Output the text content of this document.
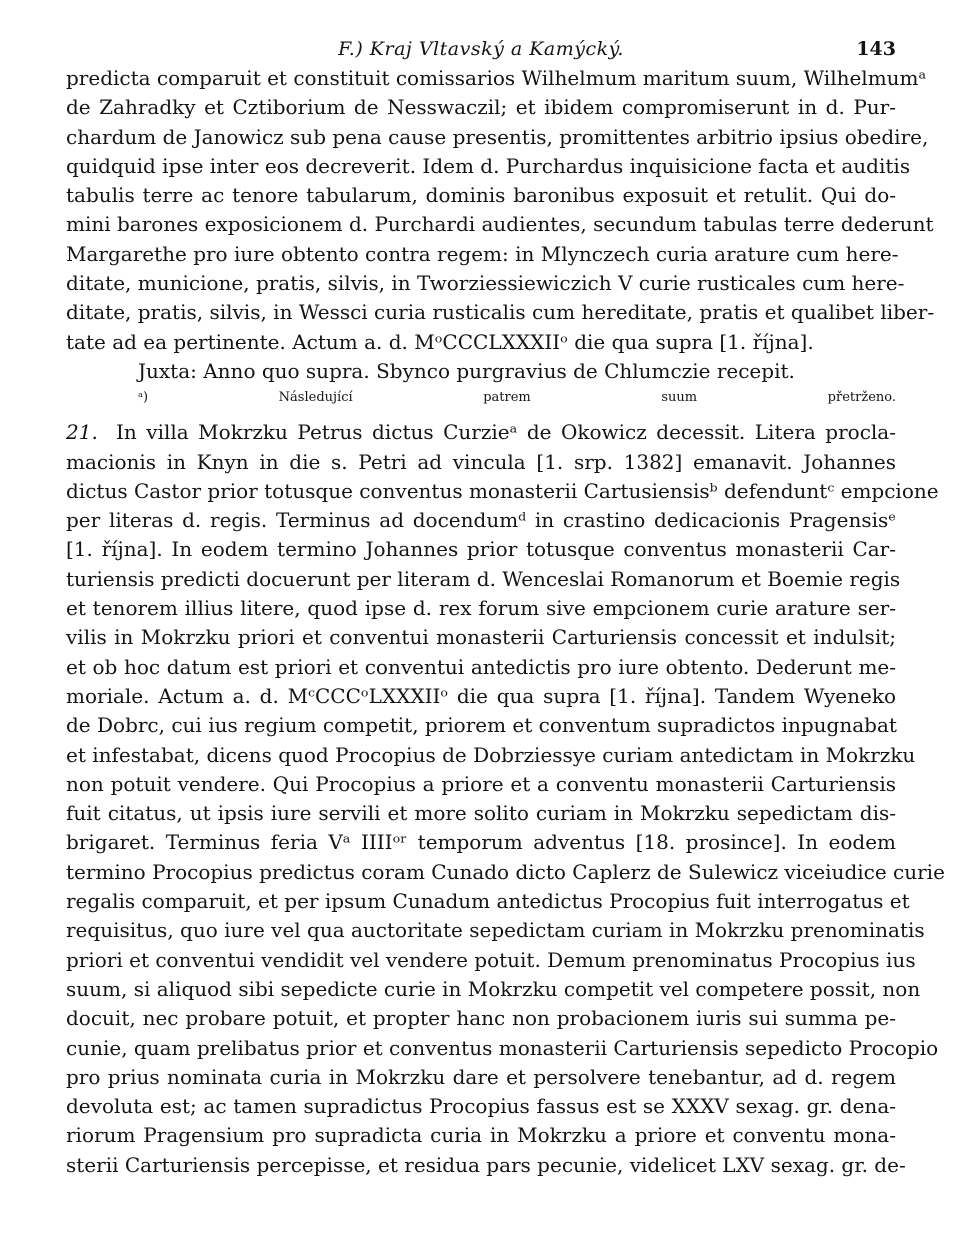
F.) Kraj Vltavský a Kamýcký.	143
predicta comparuit et constituit comissarios Wilhelmum maritum suum, Wilhelmumᵃ
de Zahradky et Cztiborium de Nesswaczil; et ibidem compromiserunt in d. Pur-
chardum de Janowicz sub pena cause presentis, promittentes arbitrio ipsius obedire,
quidquid ipse inter eos decreverit. Idem d. Purchardus inquisicione facta et auditis
tabulis terre ac tenore tabularum, dominis baronibus exposuit et retulit. Qui do-
mini barones exposicionem d. Purchardi audientes, secundum tabulas terre dederunt
Margarethe pro iure obtento contra regem: in Mlynczech curia arature cum here-
ditate, municione, pratis, silvis, in Tworziessiewiczich V curie rusticales cum here-
ditate, pratis, silvis, in Wessci curia rusticalis cum hereditate, pratis et qualibet liber-
tate ad ea pertinente. Actum a. d. MᵒCCCLXXXIIᵒ die qua supra [1. října].
Juxta: Anno quo supra. Sbynco purgravius de Chlumczie recepit.
ᵃ) Následující patrem suum přetrženo.
21. In villa Mokrzku Petrus dictus Curzieᵃ de Okowicz decessit. Litera procla-
macionis in Knyn in die s. Petri ad vincula [1. srp. 1382] emanavit. Johannes
dictus Castor prior totusque conventus monasterii Cartusiensisᵇ defenduntᶜ empcione
per literas d. regis. Terminus ad docendumᵈ in crastino dedicacionis Pragensisᵉ
[1. října]. In eodem termino Johannes prior totusque conventus monasterii Car-
turiensis predicti docuerunt per literam d. Wenceslai Romanorum et Boemie regis
et tenorem illius litere, quod ipse d. rex forum sive empcionem curie arature ser-
vilis in Mokrzku priori et conventui monasterii Carturiensis concessit et indulsit;
et ob hoc datum est priori et conventui antedictis pro iure obtento. Dederunt me-
moriale. Actum a. d. MᶜCCCᵒLXXXIIᵒ die qua supra [1. října]. Tandem Wyeneko
de Dobrc, cui ius regium competit, priorem et conventum supradictos inpugnabat
et infestabat, dicens quod Procopius de Dobrziessye curiam antedictam in Mokrzku
non potuit vendere. Qui Procopius a priore et a conventu monasterii Carturiensis
fuit citatus, ut ipsis iure servili et more solito curiam in Mokrzku sepedictam dis-
brigaret. Terminus feria Vᵃ IIIIᵒʳ temporum adventus [18. prosince]. In eodem
termino Procopius predictus coram Cunado dicto Caplerz de Sulewicz viceiudice curie
regalis comparuit, et per ipsum Cunadum antedictus Procopius fuit interrogatus et
requisitus, quo iure vel qua auctoritate sepedictam curiam in Mokrzku prenominatis
priori et conventui vendidit vel vendere potuit. Demum prenominatus Procopius ius
suum, si aliquod sibi sepedicte curie in Mokrzku competit vel competere possit, non
docuit, nec probare potuit, et propter hanc non probacionem iuris sui summa pe-
cunie, quam prelibatus prior et conventus monasterii Carturiensis sepedicto Procopio
pro prius nominata curia in Mokrzku dare et persolvere tenebantur, ad d. regem
devoluta est; ac tamen supradictus Procopius fassus est se XXXV sexag. gr. dena-
riorum Pragensium pro supradicta curia in Mokrzku a priore et conventu mona-
sterii Carturiensis percepisse, et residua pars pecunie, videlicet LXV sexag. gr. de-
